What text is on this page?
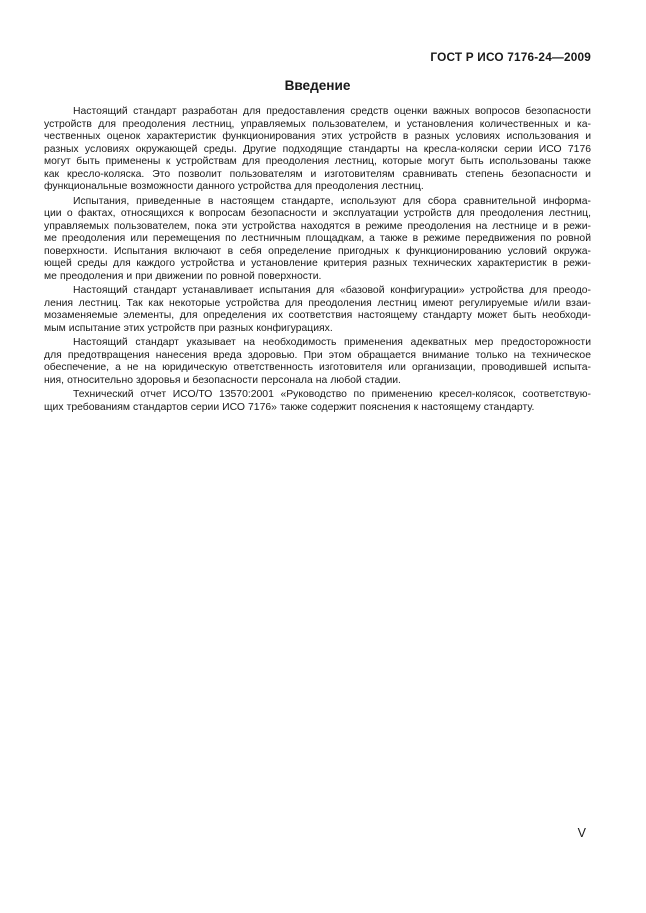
ГОСТ Р ИСО 7176-24—2009
Введение
Настоящий стандарт разработан для предоставления средств оценки важных вопросов безопасности
устройств для преодоления лестниц, управляемых пользователем, и установления количественных и ка-
чественных оценок характеристик функционирования этих устройств в разных условиях использования и
разных условиях окружающей среды. Другие подходящие стандарты на кресла-коляски серии ИСО 7176
могут быть применены к устройствам для преодоления лестниц, которые могут быть использованы также
как кресло-коляска. Это позволит пользователям и изготовителям сравнивать степень безопасности и
функциональные возможности данного устройства для преодоления лестниц.
Испытания, приведенные в настоящем стандарте, используют для сбора сравнительной информа-
ции о фактах, относящихся к вопросам безопасности и эксплуатации устройств для преодоления лестниц,
управляемых пользователем, пока эти устройства находятся в режиме преодоления на лестнице и в режи-
ме преодоления или перемещения по лестничным площадкам, а также в режиме передвижения по ровной
поверхности. Испытания включают в себя определение пригодных к функционированию условий окружа-
ющей среды для каждого устройства и установление критерия разных технических характеристик в режи-
ме преодоления и при движении по ровной поверхности.
Настоящий стандарт устанавливает испытания для «базовой конфигурации» устройства для преодо-
ления лестниц. Так как некоторые устройства для преодоления лестниц имеют регулируемые и/или взаи-
мозаменяемые элементы, для определения их соответствия настоящему стандарту может быть необходи-
мым испытание этих устройств при разных конфигурациях.
Настоящий стандарт указывает на необходимость применения адекватных мер предосторожности
для предотвращения нанесения вреда здоровью. При этом обращается внимание только на техническое
обеспечение, а не на юридическую ответственность изготовителя или организации, проводившей испыта-
ния, относительно здоровья и безопасности персонала на любой стадии.
Технический отчет ИСО/ТО 13570:2001 «Руководство по применению кресел-колясок, соответствую-
щих требованиям стандартов серии ИСО 7176» также содержит пояснения к настоящему стандарту.
V
